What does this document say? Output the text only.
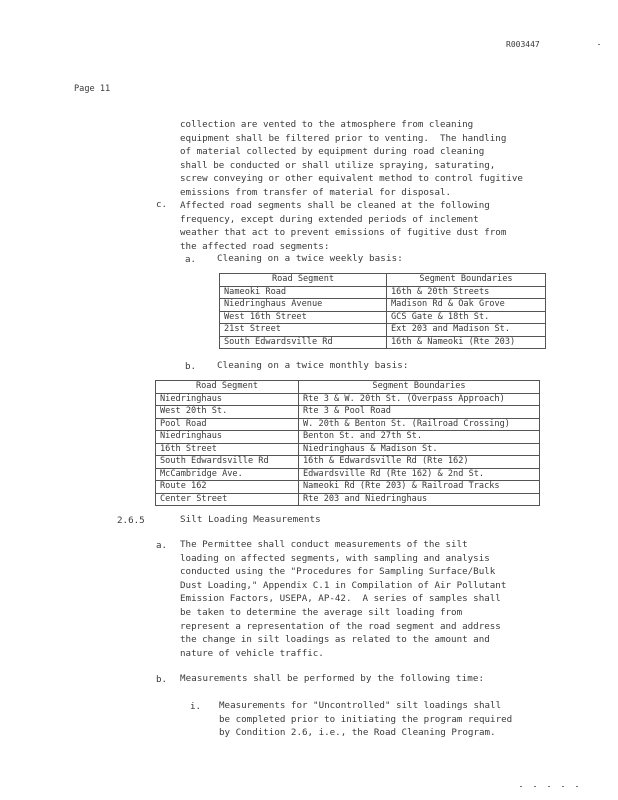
R003447
Page 11
collection are vented to the atmosphere from cleaning
equipment shall be filtered prior to venting.  The handling
of material collected by equipment during road cleaning
shall be conducted or shall utilize spraying, saturating,
screw conveying or other equivalent method to control fugitive
emissions from transfer of material for disposal.
c. Affected road segments shall be cleaned at the following
frequency, except during extended periods of inclement
weather that act to prevent emissions of fugitive dust from
the affected road segments:
a. Cleaning on a twice weekly basis:
Road Segment	Segment Boundaries
Nameoki Road	16th & 20th Streets
Niedringhaus Avenue	Madison Rd & Oak Grove
West 16th Street	GCS Gate & 18th St.
21st Street	Ext 203 and Madison St.
South Edwardsville Rd	16th & Nameoki (Rte 203)
b. Cleaning on a twice monthly basis:
Road Segment	Segment Boundaries
Niedringhaus	Rte 3 & W. 20th St. (Overpass Approach)
West 20th St.	Rte 3 & Pool Road
Pool Road	W. 20th & Benton St. (Railroad Crossing)
Niedringhaus	Benton St. and 27th St.
16th Street	Niedringhaus & Madison St.
South Edwardsville Rd	16th & Edwardsville Rd (Rte 162)
McCambridge Ave.	Edwardsville Rd (Rte 162) & 2nd St.
Route 162	Nameoki Rd (Rte 203) & Railroad Tracks
Center Street	Rte 203 and Niedringhaus
2.6.5	Silt Loading Measurements
a. The Permittee shall conduct measurements of the silt
loading on affected segments, with sampling and analysis
conducted using the "Procedures for Sampling Surface/Bulk
Dust Loading," Appendix C.1 in Compilation of Air Pollutant
Emission Factors, USEPA, AP-42.  A series of samples shall
be taken to determine the average silt loading from
represent a representation of the road segment and address
the change in silt loadings as related to the amount and
nature of vehicle traffic.
b. Measurements shall be performed by the following time:
i. Measurements for "Uncontrolled" silt loadings shall
be completed prior to initiating the program required
by Condition 2.6, i.e., the Road Cleaning Program.
